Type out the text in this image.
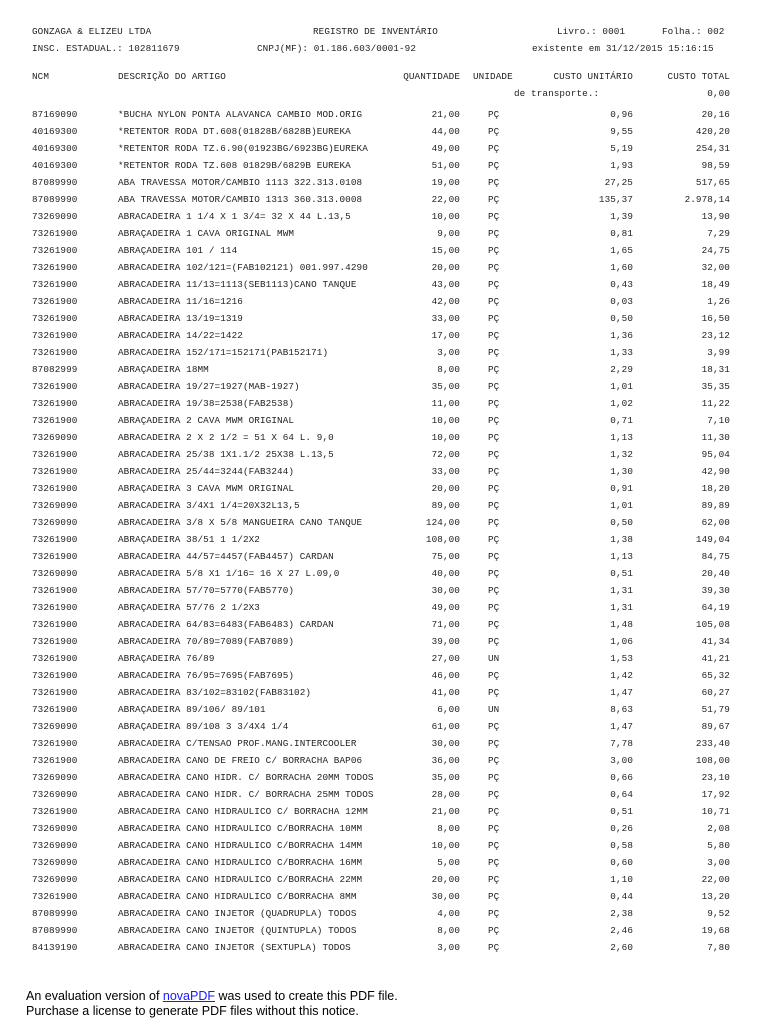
GONZAGA & ELIZEU LTDA	REGISTRO DE INVENTÁRIO	Livro.: 0001	Folha.: 002
INSC. ESTADUAL.: 102811679	CNPJ(MF): 01.186.603/0001-92	existente em 31/12/2015 15:16:15
NCM	DESCRIÇÃO DO ARTIGO	QUANTIDADE UNIDADE	CUSTO UNITÁRIO	CUSTO TOTAL
de transporte.:	0,00
87169090	*BUCHA NYLON PONTA ALAVANCA CAMBIO MOD.ORIG	21,00	PÇ	0,96	20,16
40169300	*RETENTOR RODA DT.608(01828B/6828B)EUREKA	44,00	PÇ	9,55	420,20
40169300	*RETENTOR RODA TZ.6.90(01923BG/6923BG)EUREKA	49,00	PÇ	5,19	254,31
40169300	*RETENTOR RODA TZ.608 01829B/6829B EUREKA	51,00	PÇ	1,93	98,59
87089990	ABA TRAVESSA MOTOR/CAMBIO 1113 322.313.0108	19,00	PÇ	27,25	517,65
87089990	ABA TRAVESSA MOTOR/CAMBIO 1313 360.313.0008	22,00	PÇ	135,37	2.978,14
73269090	ABRACADEIRA 1 1/4 X 1 3/4= 32 X 44 L.13,5	10,00	PÇ	1,39	13,90
73261900	ABRAÇADEIRA 1 CAVA ORIGINAL MWM	9,00	PÇ	0,81	7,29
73261900	ABRAÇADEIRA 101 / 114	15,00	PÇ	1,65	24,75
73261900	ABRACADEIRA 102/121=(FAB102121) 001.997.4290	20,00	PÇ	1,60	32,00
73261900	ABRACADEIRA 11/13=1113(SEB1113)CANO TANQUE	43,00	PÇ	0,43	18,49
73261900	ABRACADEIRA 11/16=1216	42,00	PÇ	0,03	1,26
73261900	ABRACADEIRA 13/19=1319	33,00	PÇ	0,50	16,50
73261900	ABRACADEIRA 14/22=1422	17,00	PÇ	1,36	23,12
73261900	ABRACADEIRA 152/171=152171(PAB152171)	3,00	PÇ	1,33	3,99
87082999	ABRAÇADEIRA 18MM	8,00	PÇ	2,29	18,31
73261900	ABRACADEIRA 19/27=1927(MAB-1927)	35,00	PÇ	1,01	35,35
73261900	ABRACADEIRA 19/38=2538(FAB2538)	11,00	PÇ	1,02	11,22
73261900	ABRAÇADEIRA 2 CAVA MWM ORIGINAL	10,00	PÇ	0,71	7,10
73269090	ABRACADEIRA 2 X 2 1/2 = 51 X 64 L. 9,0	10,00	PÇ	1,13	11,30
73261900	ABRACADEIRA 25/38 1X1.1/2 25X38 L.13,5	72,00	PÇ	1,32	95,04
73261900	ABRACADEIRA 25/44=3244(FAB3244)	33,00	PÇ	1,30	42,90
73261900	ABRAÇADEIRA 3 CAVA MWM ORIGINAL	20,00	PÇ	0,91	18,20
73269090	ABRACADEIRA 3/4X1 1/4=20X32L13,5	89,00	PÇ	1,01	89,89
73269090	ABRACADEIRA 3/8 X 5/8 MANGUEIRA CANO TANQUE	124,00	PÇ	0,50	62,00
73261900	ABRAÇADEIRA 38/51 1 1/2X2	108,00	PÇ	1,38	149,04
73261900	ABRACADEIRA 44/57=4457(FAB4457) CARDAN	75,00	PÇ	1,13	84,75
73269090	ABRACADEIRA 5/8 X1 1/16= 16 X 27 L.09,0	40,00	PÇ	0,51	20,40
73261900	ABRACADEIRA 57/70=5770(FAB5770)	30,00	PÇ	1,31	39,30
73261900	ABRAÇADEIRA 57/76 2 1/2X3	49,00	PÇ	1,31	64,19
73261900	ABRACADEIRA 64/83=6483(FAB6483) CARDAN	71,00	PÇ	1,48	105,08
73261900	ABRACADEIRA 70/89=7089(FAB7089)	39,00	PÇ	1,06	41,34
73261900	ABRAÇADEIRA 76/89	27,00	UN	1,53	41,21
73261900	ABRACADEIRA 76/95=7695(FAB7695)	46,00	PÇ	1,42	65,32
73261900	ABRACADEIRA 83/102=83102(FAB83102)	41,00	PÇ	1,47	60,27
73261900	ABRAÇADEIRA 89/106/ 89/101	6,00	UN	8,63	51,79
73269090	ABRAÇADEIRA 89/108 3 3/4X4 1/4	61,00	PÇ	1,47	89,67
73261900	ABRACADEIRA C/TENSAO PROF.MANG.INTERCOOLER	30,00	PÇ	7,78	233,40
73261900	ABRACADEIRA CANO DE FREIO C/ BORRACHA BAP06	36,00	PÇ	3,00	108,00
73269090	ABRACADEIRA CANO HIDR. C/ BORRACHA 20MM TODOS	35,00	PÇ	0,66	23,10
73269090	ABRACADEIRA CANO HIDR. C/ BORRACHA 25MM TODOS	28,00	PÇ	0,64	17,92
73261900	ABRACADEIRA CANO HIDRAULICO C/ BORRACHA 12MM	21,00	PÇ	0,51	10,71
73269090	ABRACADEIRA CANO HIDRAULICO C/BORRACHA 10MM	8,00	PÇ	0,26	2,08
73269090	ABRACADEIRA CANO HIDRAULICO C/BORRACHA 14MM	10,00	PÇ	0,58	5,80
73269090	ABRACADEIRA CANO HIDRAULICO C/BORRACHA 16MM	5,00	PÇ	0,60	3,00
73269090	ABRACADEIRA CANO HIDRAULICO C/BORRACHA 22MM	20,00	PÇ	1,10	22,00
73261900	ABRACADEIRA CANO HIDRAULICO C/BORRACHA 8MM	30,00	PÇ	0,44	13,20
87089990	ABRACADEIRA CANO INJETOR (QUADRUPLA) TODOS	4,00	PÇ	2,38	9,52
87089990	ABRACADEIRA CANO INJETOR (QUINTUPLA) TODOS	8,00	PÇ	2,46	19,68
84139190	ABRACADEIRA CANO INJETOR (SEXTUPLA) TODOS	3,00	PÇ	2,60	7,80
An evaluation version of novaPDF was used to create this PDF file.
Purchase a license to generate PDF files without this notice.
